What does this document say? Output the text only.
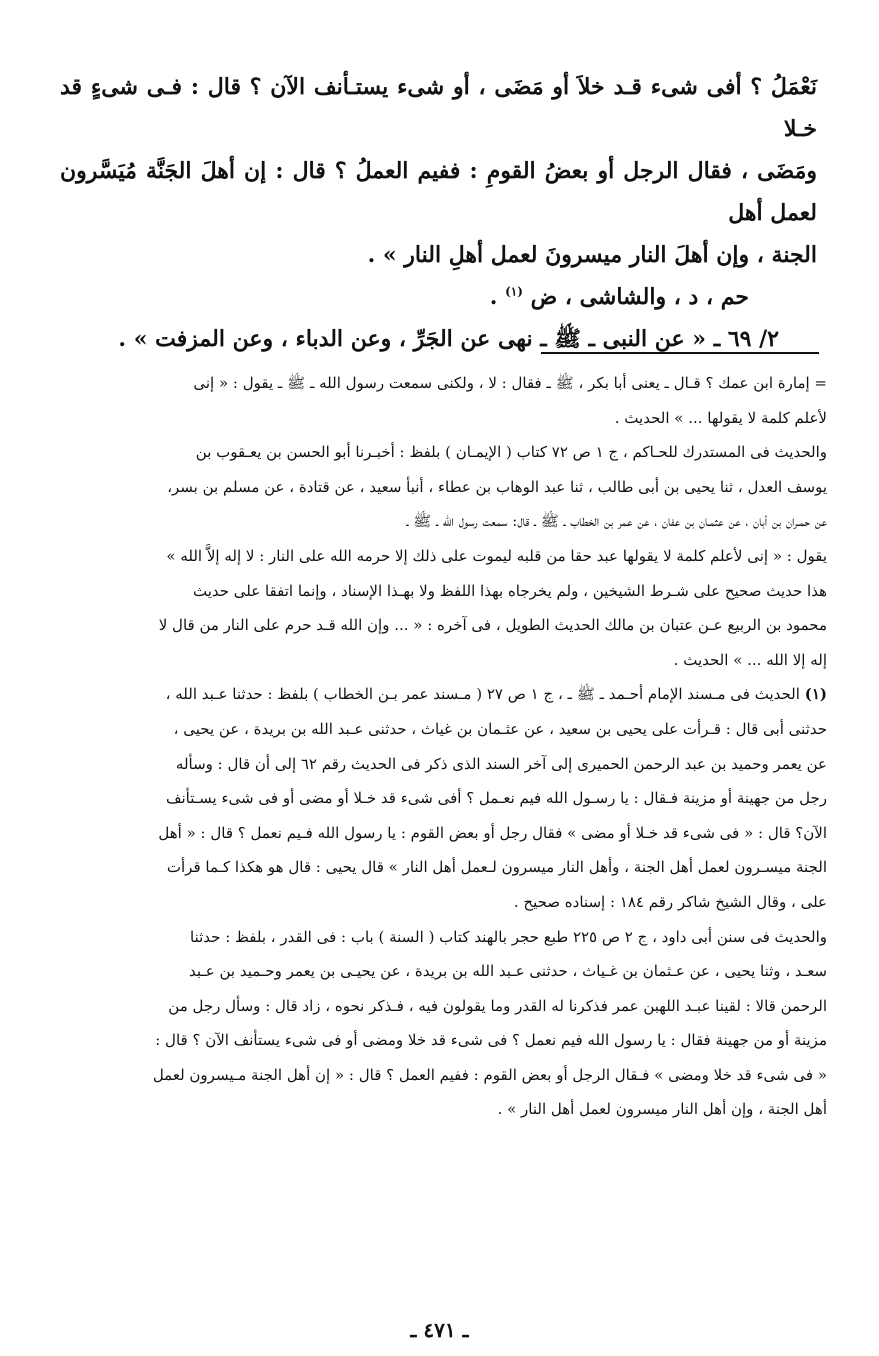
نَعْمَلُ ؟ أفى شىء قـد خلاَ أو مَضَى ، أو شىء يستـأنف الآن ؟ قال : فـى شىءٍ قد خـلا

ومَضَى ، فقال الرجل أو بعضُ القومِ : ففيم العملُ ؟ قال : إن أهلَ الجَنَّة مُيَسَّرون لعمل أهل

الجنة ، وإن أهلَ النار ميسرونَ لعمل أهلِ النار » .

حم ، د ، والشاشى ، ض $^{(١)}$ .

٢/ ٦٩ ـ « عن النبى ـ ﷺ ـ نهى عن الجَرِّ ، وعن الدباء ، وعن المزفت » .

= إمارة ابن عمك ؟ قـال ـ يعنى أبا بكر ، ﷺ ـ فقال : لا ، ولكنى سمعت رسول الله ـ ﷺ ـ يقول : « إنى

لأعلم كلمة لا يقولها ... » الحديث .

والحديث فى المستدرك للحـاكم ، ج ١ ص ٧٢ كتاب ( الإيمـان ) بلفظ : أخبـرنا أبو الحسن بن يعـقوب بن

يوسف العدل ، ثنا يحيى بن أبى طالب ، ثنا عبد الوهاب بن عطاء ، أنبأ سعيد ، عن قتادة ، عن مسلم بن بسر،

عن حمـران بن أبان ، عن عثمـان بن عفان ، عن عمر بن الخطاب ـ ﷺ ـ قال: سمعت رسول الله ـ ﷺ ـ

يقول : « إنى لأعلم كلمة لا يقولها عبد حقا من قلبه ليموت على ذلك إلا حرمه الله على النار : لا إله إلاَّ الله »

هذا حديث صحيح على شـرط الشيخين ، ولم يخرجاه بهذا اللفظ ولا بهـذا الإسناد ، وإنما اتفقا على حديث

محمود بن الربيع عـن عتبان بن مالك الحديث الطويل ، فى آخره : « ... وإن الله قـد حرم على النار من قال لا

إله إلا الله ... » الحديث .

(١) الحديث فى مـسند الإمام أحـمد ـ ﷺ ـ ، ج ١ ص ٢٧ ( مـسند عمر بـن الخطاب ) بلفظ : حدثنا عـبد الله ،

حدثنى أبى قال : قـرأت على يحيى بن سعيد ، عن عثـمان بن غياث ، حدثنى عـبد الله بن بريدة ، عن يحيى ،

عن يعمر وحميد بن عبد الرحمن الحميرى إلى آخر السند الذى ذكر فى الحديث رقم ٦٢ إلى أن قال : وسأله

رجل من جهينة أو مزينة فـقال : يا رسـول الله فيم نعـمل ؟ أفى شىء قد خـلا أو مضى أو فى شىء يسـتأنف

الآن؟ قال : « فى شىء قد خـلا أو مضى » فقال رجل أو بعض القوم : يا رسول الله فـيم نعمل ؟ قال : « أهل

الجنة ميسـرون لعمل أهل الجنة ، وأهل النار ميسرون لـعمل أهل النار » قال يحيى : قال هو هكذا كـما قرأت

على ، وقال الشيخ شاكر رقم ١٨٤ : إسناده صحيح .

والحديث فى سنن أبى داود ، ج ٢ ص ٢٢٥ طبع حجر بالهند كتاب ( السنة ) باب : فى القدر ، بلفظ : حدثنا

سعـد ، وثنا يحيى ، عن عـثمان بن غـياث ، حدثنى عـبد الله بن بريدة ، عن يحيـى بن يعمر وحـميد بن عـبد

الرحمن قالا : لقينا عبـد اللهبن عمر فذكرنا له القدر وما يقولون فيه ، فـذكر نحوه ، زاد قال : وسأل رجل من

مزينة أو من جهينة فقال : يا رسول الله فيم نعمل ؟ فى شىء قد خلا ومضى أو فى شىء يستأنف الآن ؟ قال :

« فى شىء قد خلا ومضى » فـقال الرجل أو بعض القوم : ففيم العمل ؟ قال : « إن أهل الجنة مـيسرون لعمل

أهل الجنة ، وإن أهل النار ميسرون لعمل أهل النار » .

ـ ٤٧١ ـ
